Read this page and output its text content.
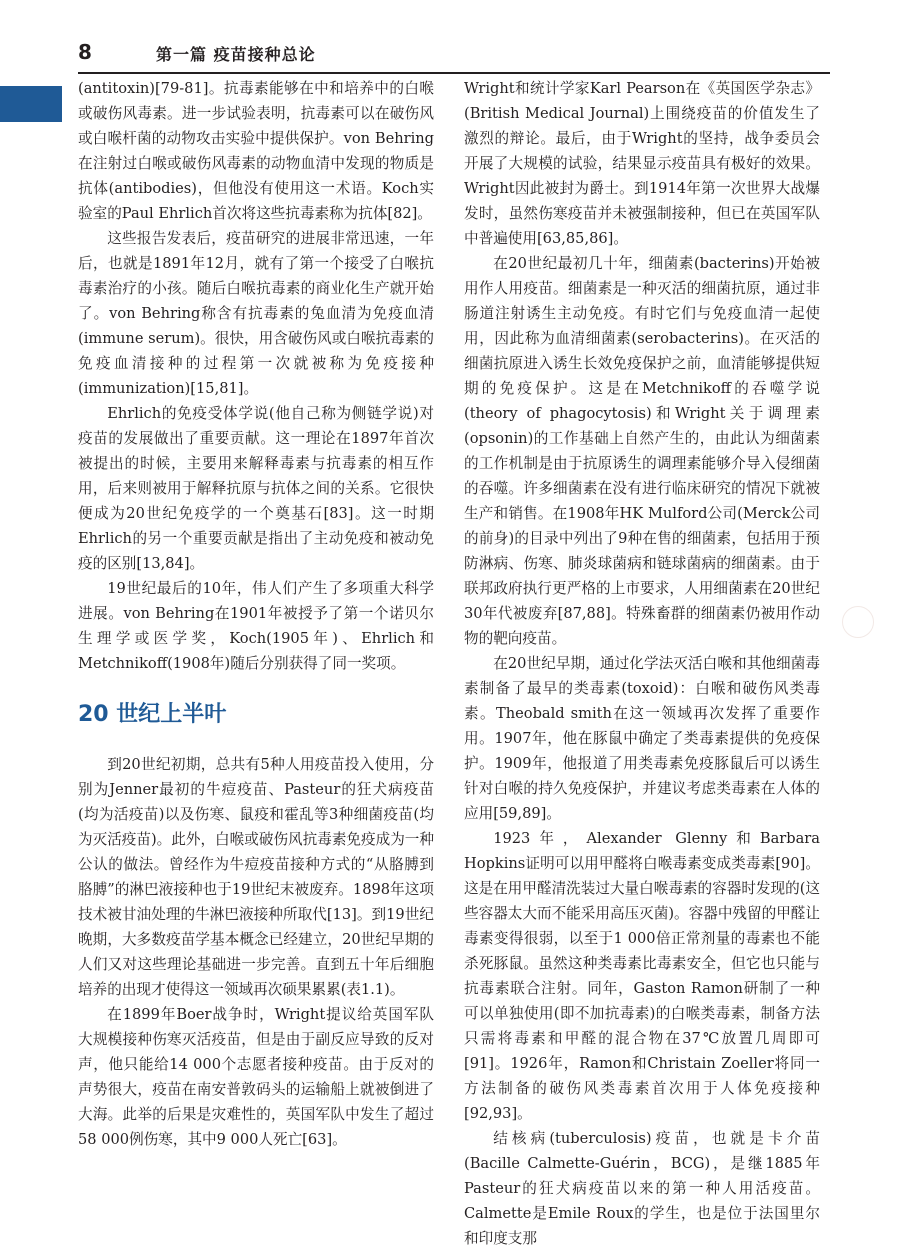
8	第一篇 疫苗接种总论

(antitoxin)[79-81]。抗毒素能够在中和培养中的白喉或破伤风毒素。进一步试验表明，抗毒素可以在破伤风或白喉杆菌的动物攻击实验中提供保护。von Behring在注射过白喉或破伤风毒素的动物血清中发现的物质是抗体(antibodies)，但他没有使用这一术语。Koch实验室的Paul Ehrlich首次将这些抗毒素称为抗体[82]。

这些报告发表后，疫苗研究的进展非常迅速，一年后，也就是1891年12月，就有了第一个接受了白喉抗毒素治疗的小孩。随后白喉抗毒素的商业化生产就开始了。von Behring称含有抗毒素的兔血清为免疫血清(immune serum)。很快，用含破伤风或白喉抗毒素的免疫血清接种的过程第一次就被称为免疫接种(immunization)[15,81]。

Ehrlich的免疫受体学说(他自己称为侧链学说)对疫苗的发展做出了重要贡献。这一理论在1897年首次被提出的时候，主要用来解释毒素与抗毒素的相互作用，后来则被用于解释抗原与抗体之间的关系。它很快便成为20世纪免疫学的一个奠基石[83]。这一时期Ehrlich的另一个重要贡献是指出了主动免疫和被动免疫的区别[13,84]。

19世纪最后的10年，伟人们产生了多项重大科学进展。von Behring在1901年被授予了第一个诺贝尔生理学或医学奖，Koch(1905年)、Ehrlich和Metchnikoff(1908年)随后分别获得了同一奖项。

20 世纪上半叶

到20世纪初期，总共有5种人用疫苗投入使用，分别为Jenner最初的牛痘疫苗、Pasteur的狂犬病疫苗(均为活疫苗)以及伤寒、鼠疫和霍乱等3种细菌疫苗(均为灭活疫苗)。此外，白喉或破伤风抗毒素免疫成为一种公认的做法。曾经作为牛痘疫苗接种方式的“从胳膊到胳膊”的淋巴液接种也于19世纪末被废弃。1898年这项技术被甘油处理的牛淋巴液接种所取代[13]。到19世纪晚期，大多数疫苗学基本概念已经建立，20世纪早期的人们又对这些理论基础进一步完善。直到五十年后细胞培养的出现才使得这一领域再次硕果累累(表1.1)。

在1899年Boer战争时，Wright提议给英国军队大规模接种伤寒灭活疫苗，但是由于副反应导致的反对声，他只能给14 000个志愿者接种疫苗。由于反对的声势很大，疫苗在南安普敦码头的运输船上就被倒进了大海。此举的后果是灾难性的，英国军队中发生了超过58 000例伤寒，其中9 000人死亡[63]。

Wright和统计学家Karl Pearson在《英国医学杂志》(British Medical Journal)上围绕疫苗的价值发生了激烈的辩论。最后，由于Wright的坚持，战争委员会开展了大规模的试验，结果显示疫苗具有极好的效果。Wright因此被封为爵士。到1914年第一次世界大战爆发时，虽然伤寒疫苗并未被强制接种，但已在英国军队中普遍使用[63,85,86]。

在20世纪最初几十年，细菌素(bacterins)开始被用作人用疫苗。细菌素是一种灭活的细菌抗原，通过非肠道注射诱生主动免疫。有时它们与免疫血清一起使用，因此称为血清细菌素(serobacterins)。在灭活的细菌抗原进入诱生长效免疫保护之前，血清能够提供短期的免疫保护。这是在Metchnikoff的吞噬学说(theory of phagocytosis)和Wright关于调理素(opsonin)的工作基础上自然产生的，由此认为细菌素的工作机制是由于抗原诱生的调理素能够介导入侵细菌的吞噬。许多细菌素在没有进行临床研究的情况下就被生产和销售。在1908年HK Mulford公司(Merck公司的前身)的目录中列出了9种在售的细菌素，包括用于预防淋病、伤寒、肺炎球菌病和链球菌病的细菌素。由于联邦政府执行更严格的上市要求，人用细菌素在20世纪30年代被废弃[87,88]。特殊畜群的细菌素仍被用作动物的靶向疫苗。

在20世纪早期，通过化学法灭活白喉和其他细菌毒素制备了最早的类毒素(toxoid)：白喉和破伤风类毒素。Theobald smith在这一领域再次发挥了重要作用。1907年，他在豚鼠中确定了类毒素提供的免疫保护。1909年，他报道了用类毒素免疫豚鼠后可以诱生针对白喉的持久免疫保护，并建议考虑类毒素在人体的应用[59,89]。

1923年，Alexander Glenny和Barbara Hopkins证明可以用甲醛将白喉毒素变成类毒素[90]。这是在用甲醛清洗装过大量白喉毒素的容器时发现的(这些容器太大而不能采用高压灭菌)。容器中残留的甲醛让毒素变得很弱，以至于1 000倍正常剂量的毒素也不能杀死豚鼠。虽然这种类毒素比毒素安全，但它也只能与抗毒素联合注射。同年，Gaston Ramon研制了一种可以单独使用(即不加抗毒素)的白喉类毒素，制备方法只需将毒素和甲醛的混合物在37℃放置几周即可[91]。1926年，Ramon和Christain Zoeller将同一方法制备的破伤风类毒素首次用于人体免疫接种[92,93]。

结核病(tuberculosis)疫苗，也就是卡介苗(Bacille Calmette-Guérin，BCG)，是继1885年Pasteur的狂犬病疫苗以来的第一种人用活疫苗。Calmette是Emile Roux的学生，也是位于法国里尔和印度支那
